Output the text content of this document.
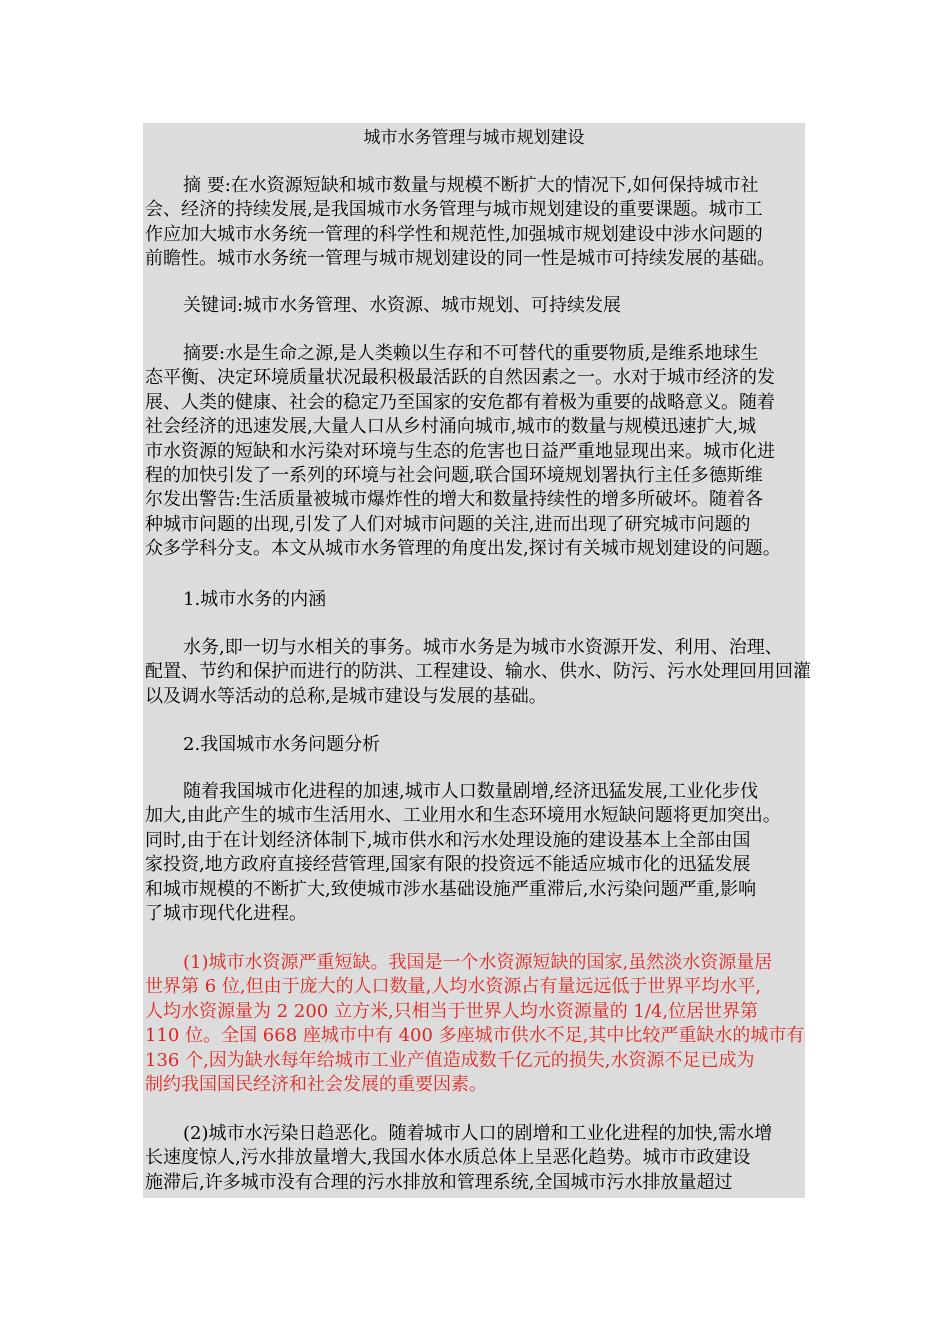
城市水务管理与城市规划建设
摘 要:在水资源短缺和城市数量与规模不断扩大的情况下,如何保持城市社
会、经济的持续发展,是我国城市水务管理与城市规划建设的重要课题。城市工
作应加大城市水务统一管理的科学性和规范性,加强城市规划建设中涉水问题的
前瞻性。城市水务统一管理与城市规划建设的同一性是城市可持续发展的基础。
关键词:城市水务管理、水资源、城市规划、可持续发展
摘要:水是生命之源,是人类赖以生存和不可替代的重要物质,是维系地球生
态平衡、决定环境质量状况最积极最活跃的自然因素之一。水对于城市经济的发
展、人类的健康、社会的稳定乃至国家的安危都有着极为重要的战略意义。随着
社会经济的迅速发展,大量人口从乡村涌向城市,城市的数量与规模迅速扩大,城
市水资源的短缺和水污染对环境与生态的危害也日益严重地显现出来。城市化进
程的加快引发了一系列的环境与社会问题,联合国环境规划署执行主任多德斯维
尔发出警告:生活质量被城市爆炸性的增大和数量持续性的增多所破坏。随着各
种城市问题的出现,引发了人们对城市问题的关注,进而出现了研究城市问题的
众多学科分支。本文从城市水务管理的角度出发,探讨有关城市规划建设的问题。
1.城市水务的内涵
水务,即一切与水相关的事务。城市水务是为城市水资源开发、利用、治理、
配置、节约和保护而进行的防洪、工程建设、输水、供水、防污、污水处理回用回灌
以及调水等活动的总称,是城市建设与发展的基础。
2.我国城市水务问题分析
随着我国城市化进程的加速,城市人口数量剧增,经济迅猛发展,工业化步伐
加大,由此产生的城市生活用水、工业用水和生态环境用水短缺问题将更加突出。
同时,由于在计划经济体制下,城市供水和污水处理设施的建设基本上全部由国
家投资,地方政府直接经营管理,国家有限的投资远不能适应城市化的迅猛发展
和城市规模的不断扩大,致使城市涉水基础设施严重滞后,水污染问题严重,影响
了城市现代化进程。
(1)城市水资源严重短缺。我国是一个水资源短缺的国家,虽然淡水资源量居
世界第 6 位,但由于庞大的人口数量,人均水资源占有量远远低于世界平均水平,
人均水资源量为 2 200 立方米,只相当于世界人均水资源量的 1/4,位居世界第
110 位。全国 668 座城市中有 400 多座城市供水不足,其中比较严重缺水的城市有
136 个,因为缺水每年给城市工业产值造成数千亿元的损失,水资源不足已成为
制约我国国民经济和社会发展的重要因素。
(2)城市水污染日趋恶化。随着城市人口的剧增和工业化进程的加快,需水增
长速度惊人,污水排放量增大,我国水体水质总体上呈恶化趋势。城市市政建设
施滞后,许多城市没有合理的污水排放和管理系统,全国城市污水排放量超过
